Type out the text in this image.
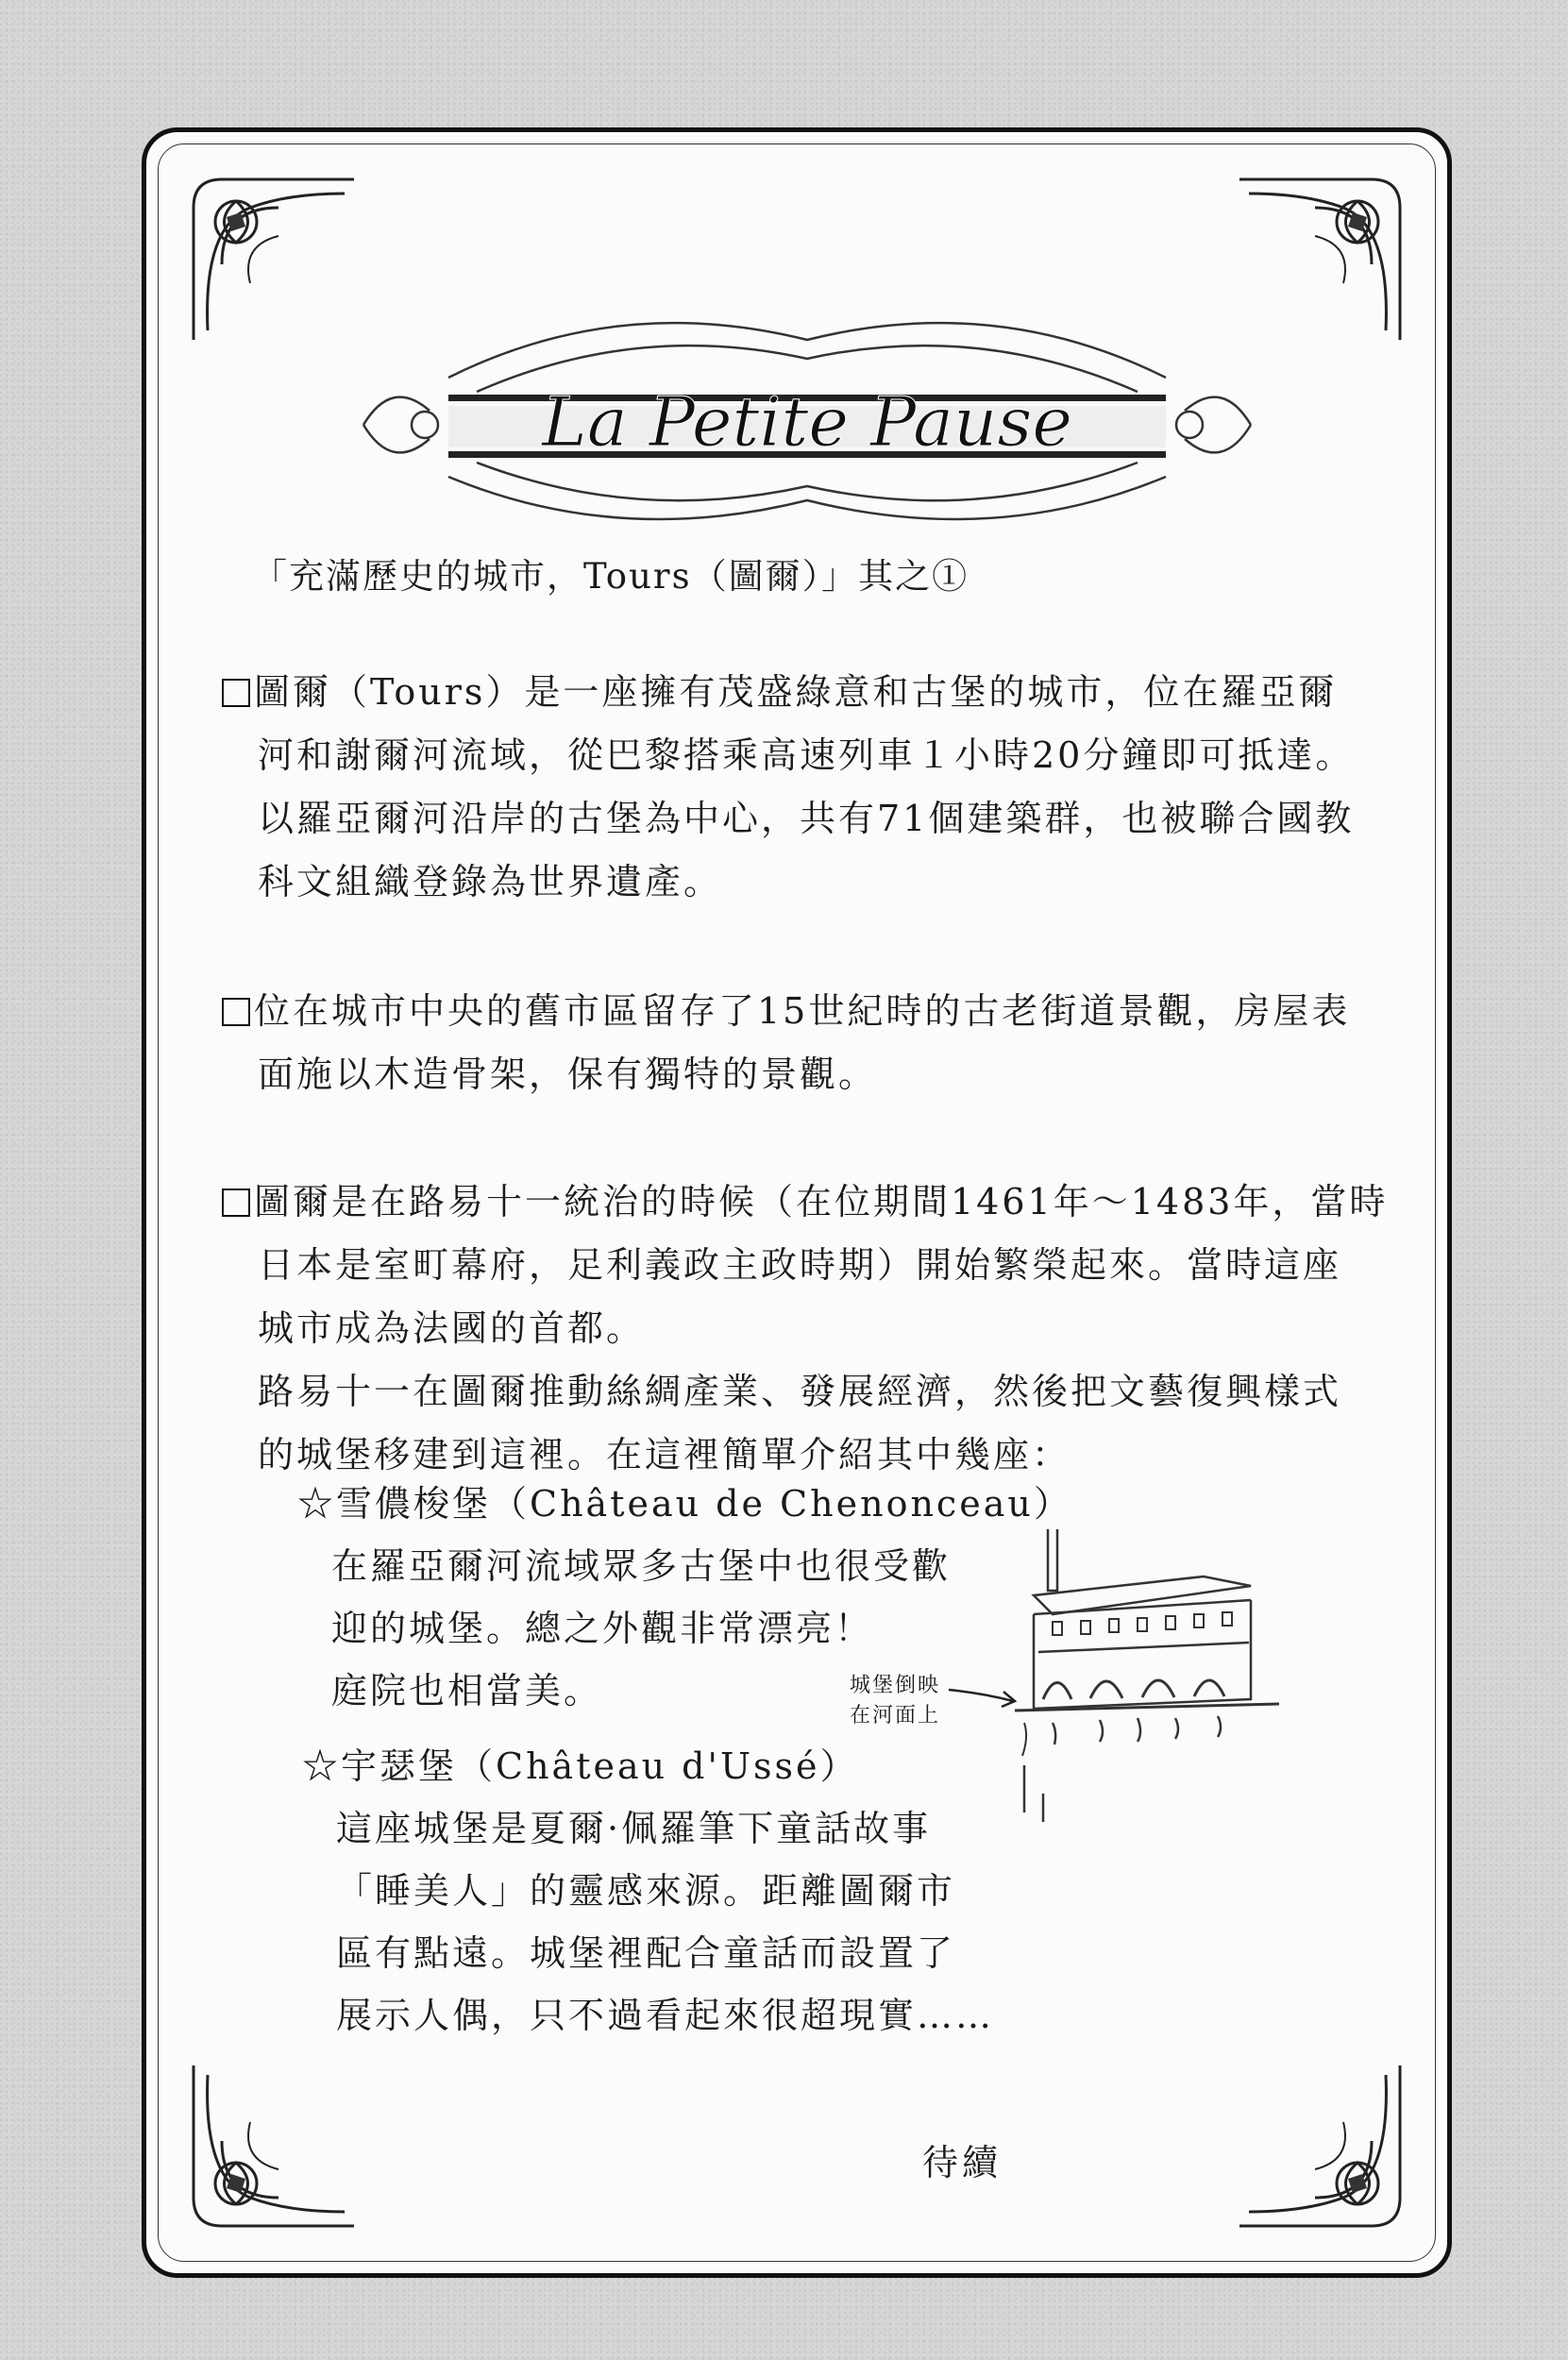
La Petite Pause
「充滿歷史的城市，Tours（圖爾）」其之①
圖爾（Tours）是一座擁有茂盛綠意和古堡的城市，位在羅亞爾
河和謝爾河流域，從巴黎搭乘高速列車１小時20分鐘即可抵達。
以羅亞爾河沿岸的古堡為中心，共有71個建築群，也被聯合國教
科文組織登錄為世界遺產。
位在城市中央的舊市區留存了15世紀時的古老街道景觀，房屋表
面施以木造骨架，保有獨特的景觀。
圖爾是在路易十一統治的時候（在位期間1461年～1483年，當時
日本是室町幕府，足利義政主政時期）開始繁榮起來。當時這座
城市成為法國的首都。
路易十一在圖爾推動絲綢產業、發展經濟，然後把文藝復興樣式
的城堡移建到這裡。在這裡簡單介紹其中幾座：
☆雪儂梭堡（Château de Chenonceau）
在羅亞爾河流域眾多古堡中也很受歡
迎的城堡。總之外觀非常漂亮！
庭院也相當美。	城堡倒映
在河面上
☆宇瑟堡（Château d'Ussé）
這座城堡是夏爾·佩羅筆下童話故事
「睡美人」的靈感來源。距離圖爾市
區有點遠。城堡裡配合童話而設置了
展示人偶，只不過看起來很超現實……
待續
